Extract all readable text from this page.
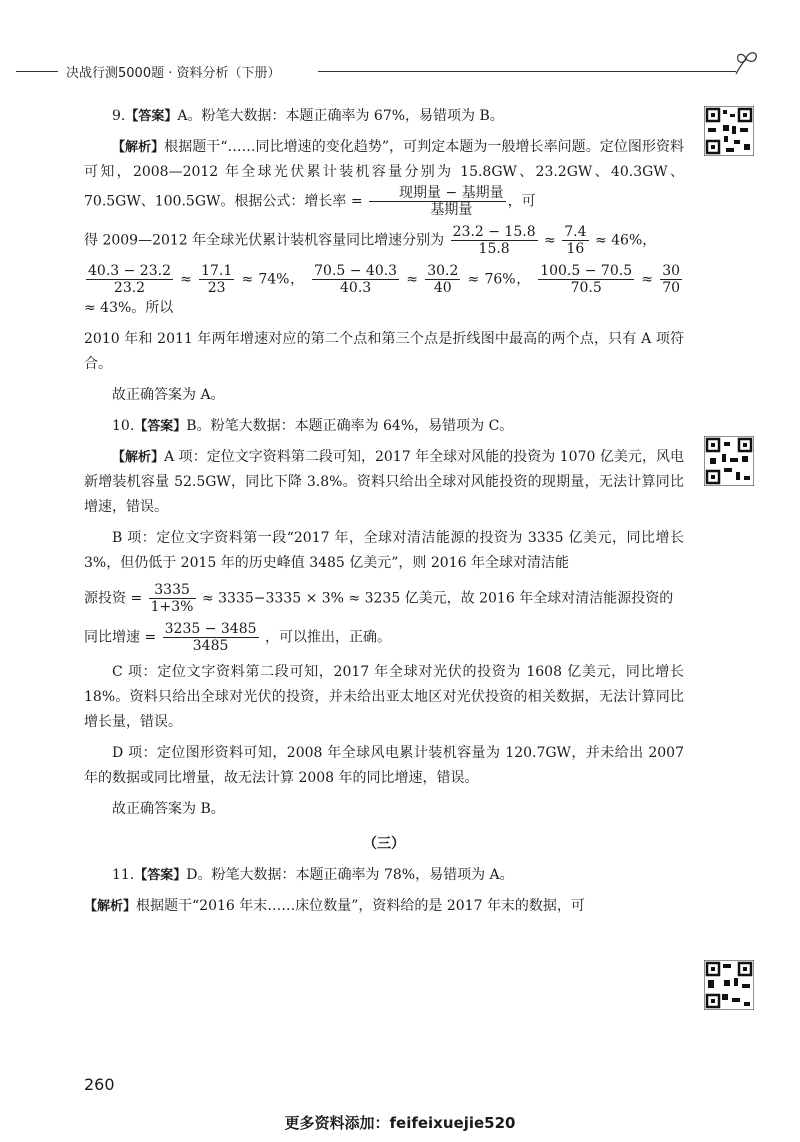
决战行测5000题 · 资料分析（下册）

9.【答案】A。粉笔大数据：本题正确率为 67%，易错项为 B。

【解析】根据题干“……同比增速的变化趋势”，可判定本题为一般增长率问题。定位图形资料可知，2008—2012 年全球光伏累计装机容量分别为 15.8GW、23.2GW、40.3GW、70.5GW、100.5GW。根据公式：增长率 = $\frac{\text{现期量 − 基期量}}{\text{基期量}}$ ，可

得 2009—2012 年全球光伏累计装机容量同比增速分别为 $\frac{23.2 - 15.8}{15.8} \approx \frac{7.4}{16} \approx 46\%$，

$\frac{40.3 - 23.2}{23.2} \approx \frac{17.1}{23} \approx 74\%$， $\frac{70.5 - 40.3}{40.3} \approx \frac{30.2}{40} \approx 76\%$， $\frac{100.5 - 70.5}{70.5} \approx \frac{30}{70}$
≈ 43%。所以

2010 年和 2011 年两年增速对应的第二个点和第三个点是折线图中最高的两个点，只有 A 项符合。

故正确答案为 A。

10.【答案】B。粉笔大数据：本题正确率为 64%，易错项为 C。

【解析】A 项：定位文字资料第二段可知，2017 年全球对风能的投资为 1070 亿美元，风电新增装机容量 52.5GW，同比下降 3.8%。资料只给出全球对风能投资的现期量，无法计算同比增速，错误。

B 项：定位文字资料第一段“2017 年，全球对清洁能源的投资为 3335 亿美元，同比增长 3%，但仍低于 2015 年的历史峰值 3485 亿美元”，则 2016 年全球对清洁能

源投资 = $\frac{3335}{1+3\%} \approx 3335-3335 \times 3\% \approx 3235$ 亿美元，故 2016 年全球对清洁能源投资的

同比增速 = $\frac{3235 - 3485}{3485}$ ，可以推出，正确。

C 项：定位文字资料第二段可知，2017 年全球对光伏的投资为 1608 亿美元，同比增长 18%。资料只给出全球对光伏的投资，并未给出亚太地区对光伏投资的相关数据，无法计算同比增长量，错误。

D 项：定位图形资料可知，2008 年全球风电累计装机容量为 120.7GW，并未给出 2007 年的数据或同比增量，故无法计算 2008 年的同比增速，错误。

故正确答案为 B。

（三）

11.【答案】D。粉笔大数据：本题正确率为 78%，易错项为 A。

【解析】根据题干“2016 年末……床位数量”，资料给的是 2017 年末的数据，可

260
更多资料添加：feifeixuejie520
